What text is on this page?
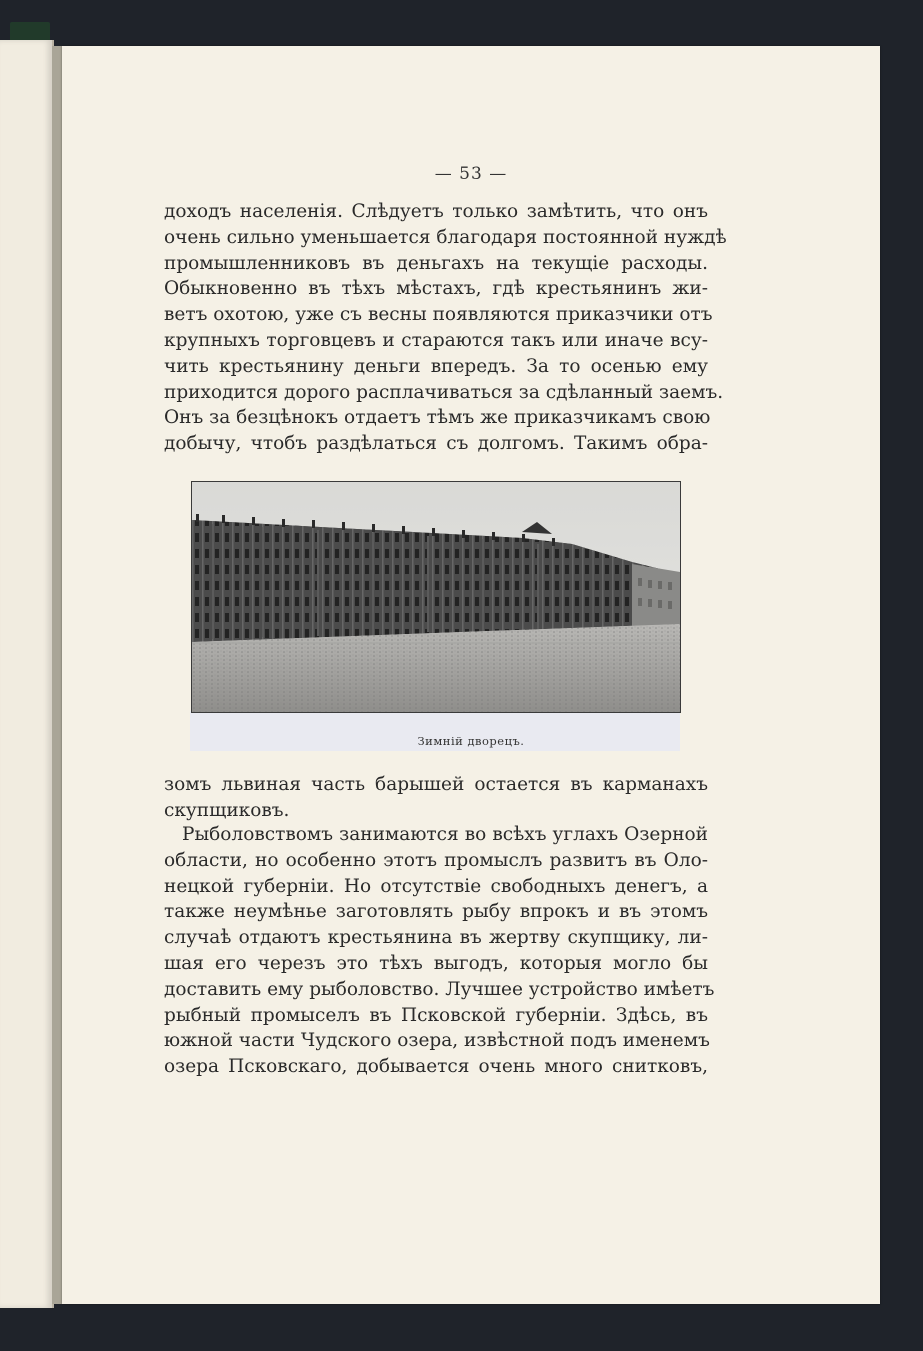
— 53 —
доходъ населенія. Слѣдуетъ только замѣтить, что онъ
очень сильно уменьшается благодаря постоянной нуждѣ
промышленниковъ въ деньгахъ на текущіе расходы.
Обыкновенно въ тѣхъ мѣстахъ, гдѣ крестьянинъ жи-
ветъ охотою, уже съ весны появляются приказчики отъ
крупныхъ торговцевъ и стараются такъ или иначе всу-
чить крестьянину деньги впередъ. За то осенью ему
приходится дорого расплачиваться за сдѣланный заемъ.
Онъ за безцѣнокъ отдаетъ тѣмъ же приказчикамъ свою
добычу, чтобъ раздѣлаться съ долгомъ. Такимъ обра-
Зимній дворецъ.
зомъ львиная часть барышей остается въ карманахъ
скупщиковъ.
Рыболовствомъ занимаются во всѣхъ углахъ Озерной
области, но особенно этотъ промыслъ развитъ въ Оло-
нецкой губерніи. Но отсутствіе свободныхъ денегъ, а
также неумѣнье заготовлять рыбу впрокъ и въ этомъ
случаѣ отдаютъ крестьянина въ жертву скупщику, ли-
шая его черезъ это тѣхъ выгодъ, которыя могло бы
доставить ему рыболовство. Лучшее устройство имѣетъ
рыбный промыселъ въ Псковской губерніи. Здѣсь, въ
южной части Чудского озера, извѣстной подъ именемъ
озера Псковскаго, добывается очень много снитковъ,
